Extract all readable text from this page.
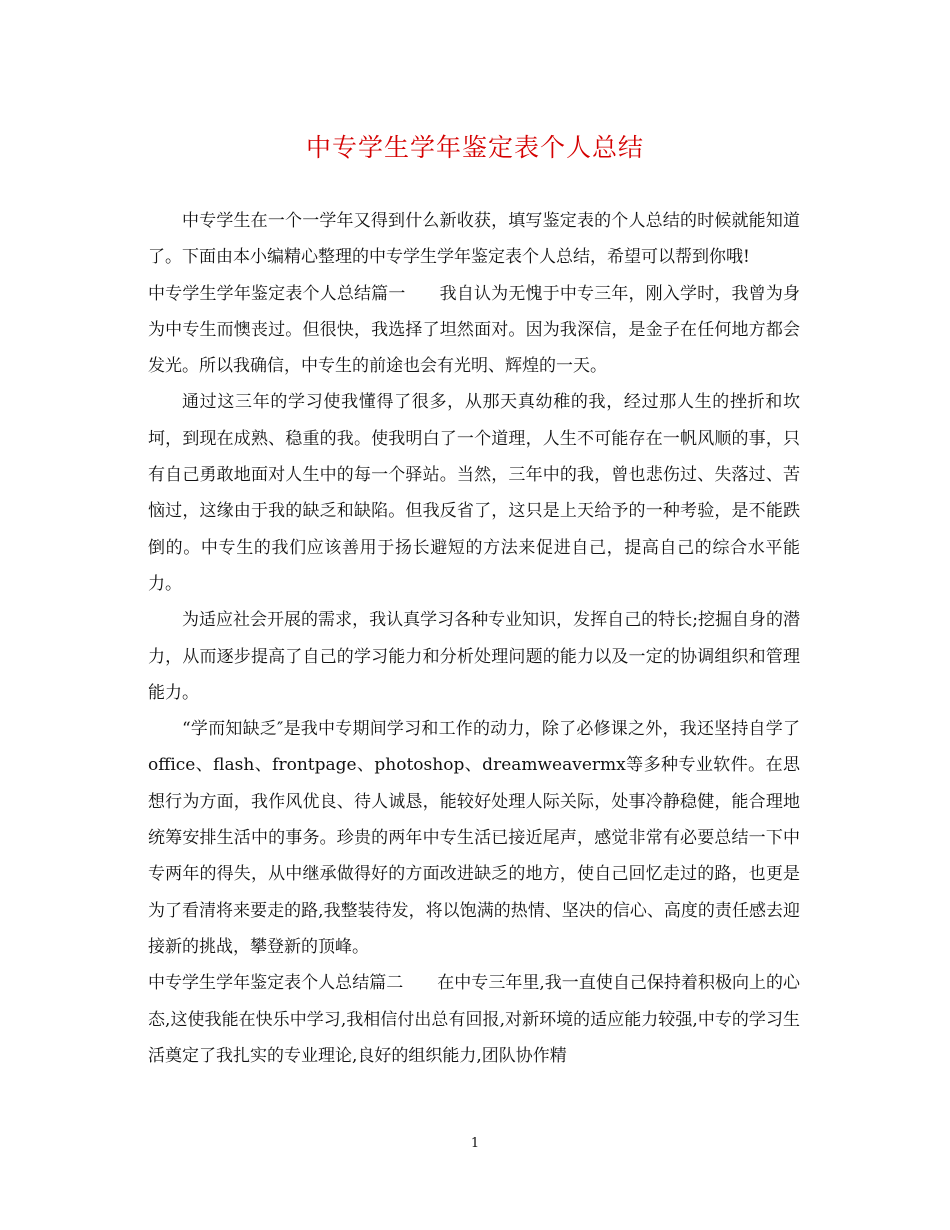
中专学生学年鉴定表个人总结

中专学生在一个一学年又得到什么新收获，填写鉴定表的个人总结的时候就能知道了。下面由本小编精心整理的中专学生学年鉴定表个人总结，希望可以帮到你哦!

中专学生学年鉴定表个人总结篇一 我自认为无愧于中专三年，刚入学时，我曾为身为中专生而懊丧过。但很快，我选择了坦然面对。因为我深信，是金子在任何地方都会发光。所以我确信，中专生的前途也会有光明、辉煌的一天。

通过这三年的学习使我懂得了很多，从那天真幼稚的我，经过那人生的挫折和坎坷，到现在成熟、稳重的我。使我明白了一个道理，人生不可能存在一帆风顺的事，只有自己勇敢地面对人生中的每一个驿站。当然，三年中的我，曾也悲伤过、失落过、苦恼过，这缘由于我的缺乏和缺陷。但我反省了，这只是上天给予的一种考验，是不能跌倒的。中专生的我们应该善用于扬长避短的方法来促进自己，提高自己的综合水平能力。

为适应社会开展的需求，我认真学习各种专业知识，发挥自己的特长;挖掘自身的潜力，从而逐步提高了自己的学习能力和分析处理问题的能力以及一定的协调组织和管理能力。

“学而知缺乏″是我中专期间学习和工作的动力，除了必修课之外，我还坚持自学了office、flash、frontpage、photoshop、dreamweavermx等多种专业软件。在思想行为方面，我作风优良、待人诚恳，能较好处理人际关际，处事冷静稳健，能合理地统筹安排生活中的事务。珍贵的两年中专生活已接近尾声，感觉非常有必要总结一下中专两年的得失，从中继承做得好的方面改进缺乏的地方，使自己回忆走过的路，也更是为了看清将来要走的路,我整装待发，将以饱满的热情、坚决的信心、高度的责任感去迎接新的挑战，攀登新的顶峰。

中专学生学年鉴定表个人总结篇二 在中专三年里,我一直使自己保持着积极向上的心态,这使我能在快乐中学习,我相信付出总有回报,对新环境的适应能力较强,中专的学习生活奠定了我扎实的专业理论,良好的组织能力,团队协作精

1
